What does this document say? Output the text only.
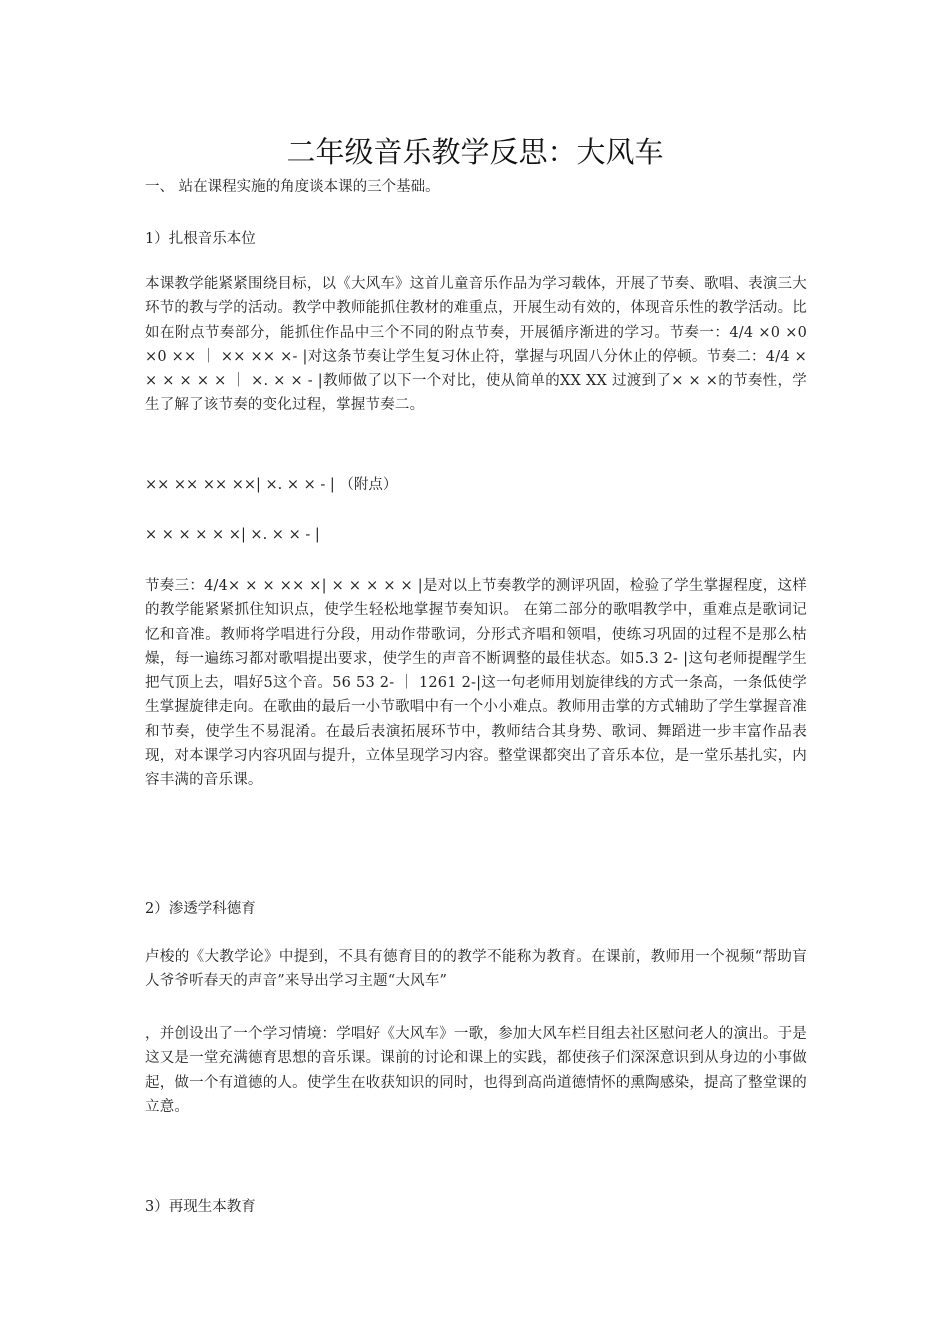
二年级音乐教学反思：大风车

一、 站在课程实施的角度谈本课的三个基础。

1）扎根音乐本位

本课教学能紧紧围绕目标，以《大风车》这首儿童音乐作品为学习载体，开展了节奏、歌唱、表演三大环节的教与学的活动。教学中教师能抓住教材的难重点，开展生动有效的，体现音乐性的教学活动。比如在附点节奏部分，能抓住作品中三个不同的附点节奏，开展循序渐进的学习。节奏一：4/4 ×0 ×0 ×0 ×× ｜ ×× ×× ×- |对这条节奏让学生复习休止符，掌握与巩固八分休止的停顿。节奏二：4/4 × × × × × × ｜ ×. × × - |教师做了以下一个对比，使从简单的XX XX 过渡到了× × ×的节奏性，学生了解了该节奏的变化过程，掌握节奏二。

×× ×× ×× ××| ×. × × - | （附点）

× × × × × ×| ×. × × - |

节奏三：4/4× × × ×× ×| × × × × × |是对以上节奏教学的测评巩固，检验了学生掌握程度，这样的教学能紧紧抓住知识点，使学生轻松地掌握节奏知识。 在第二部分的歌唱教学中，重难点是歌词记忆和音准。教师将学唱进行分段，用动作带歌词，分形式齐唱和领唱，使练习巩固的过程不是那么枯燥，每一遍练习都对歌唱提出要求，使学生的声音不断调整的最佳状态。如5.3 2- |这句老师提醒学生把气顶上去，唱好5这个音。56 53 2- ｜ 1261 2-|这一句老师用划旋律线的方式一条高，一条低使学生掌握旋律走向。在歌曲的最后一小节歌唱中有一个小小难点。教师用击掌的方式辅助了学生掌握音准和节奏，使学生不易混淆。在最后表演拓展环节中，教师结合其身势、歌词、舞蹈进一步丰富作品表现，对本课学习内容巩固与提升，立体呈现学习内容。整堂课都突出了音乐本位，是一堂乐基扎实，内容丰满的音乐课。

2）渗透学科德育

卢梭的《大教学论》中提到，不具有德育目的的教学不能称为教育。在课前，教师用一个视频“帮助盲人爷爷听春天的声音”来导出学习主题“大风车”

，并创设出了一个学习情境：学唱好《大风车》一歌，参加大风车栏目组去社区慰问老人的演出。于是这又是一堂充满德育思想的音乐课。课前的讨论和课上的实践，都使孩子们深深意识到从身边的小事做起，做一个有道德的人。使学生在收获知识的同时，也得到高尚道德情怀的熏陶感染，提高了整堂课的立意。

3）再现生本教育
